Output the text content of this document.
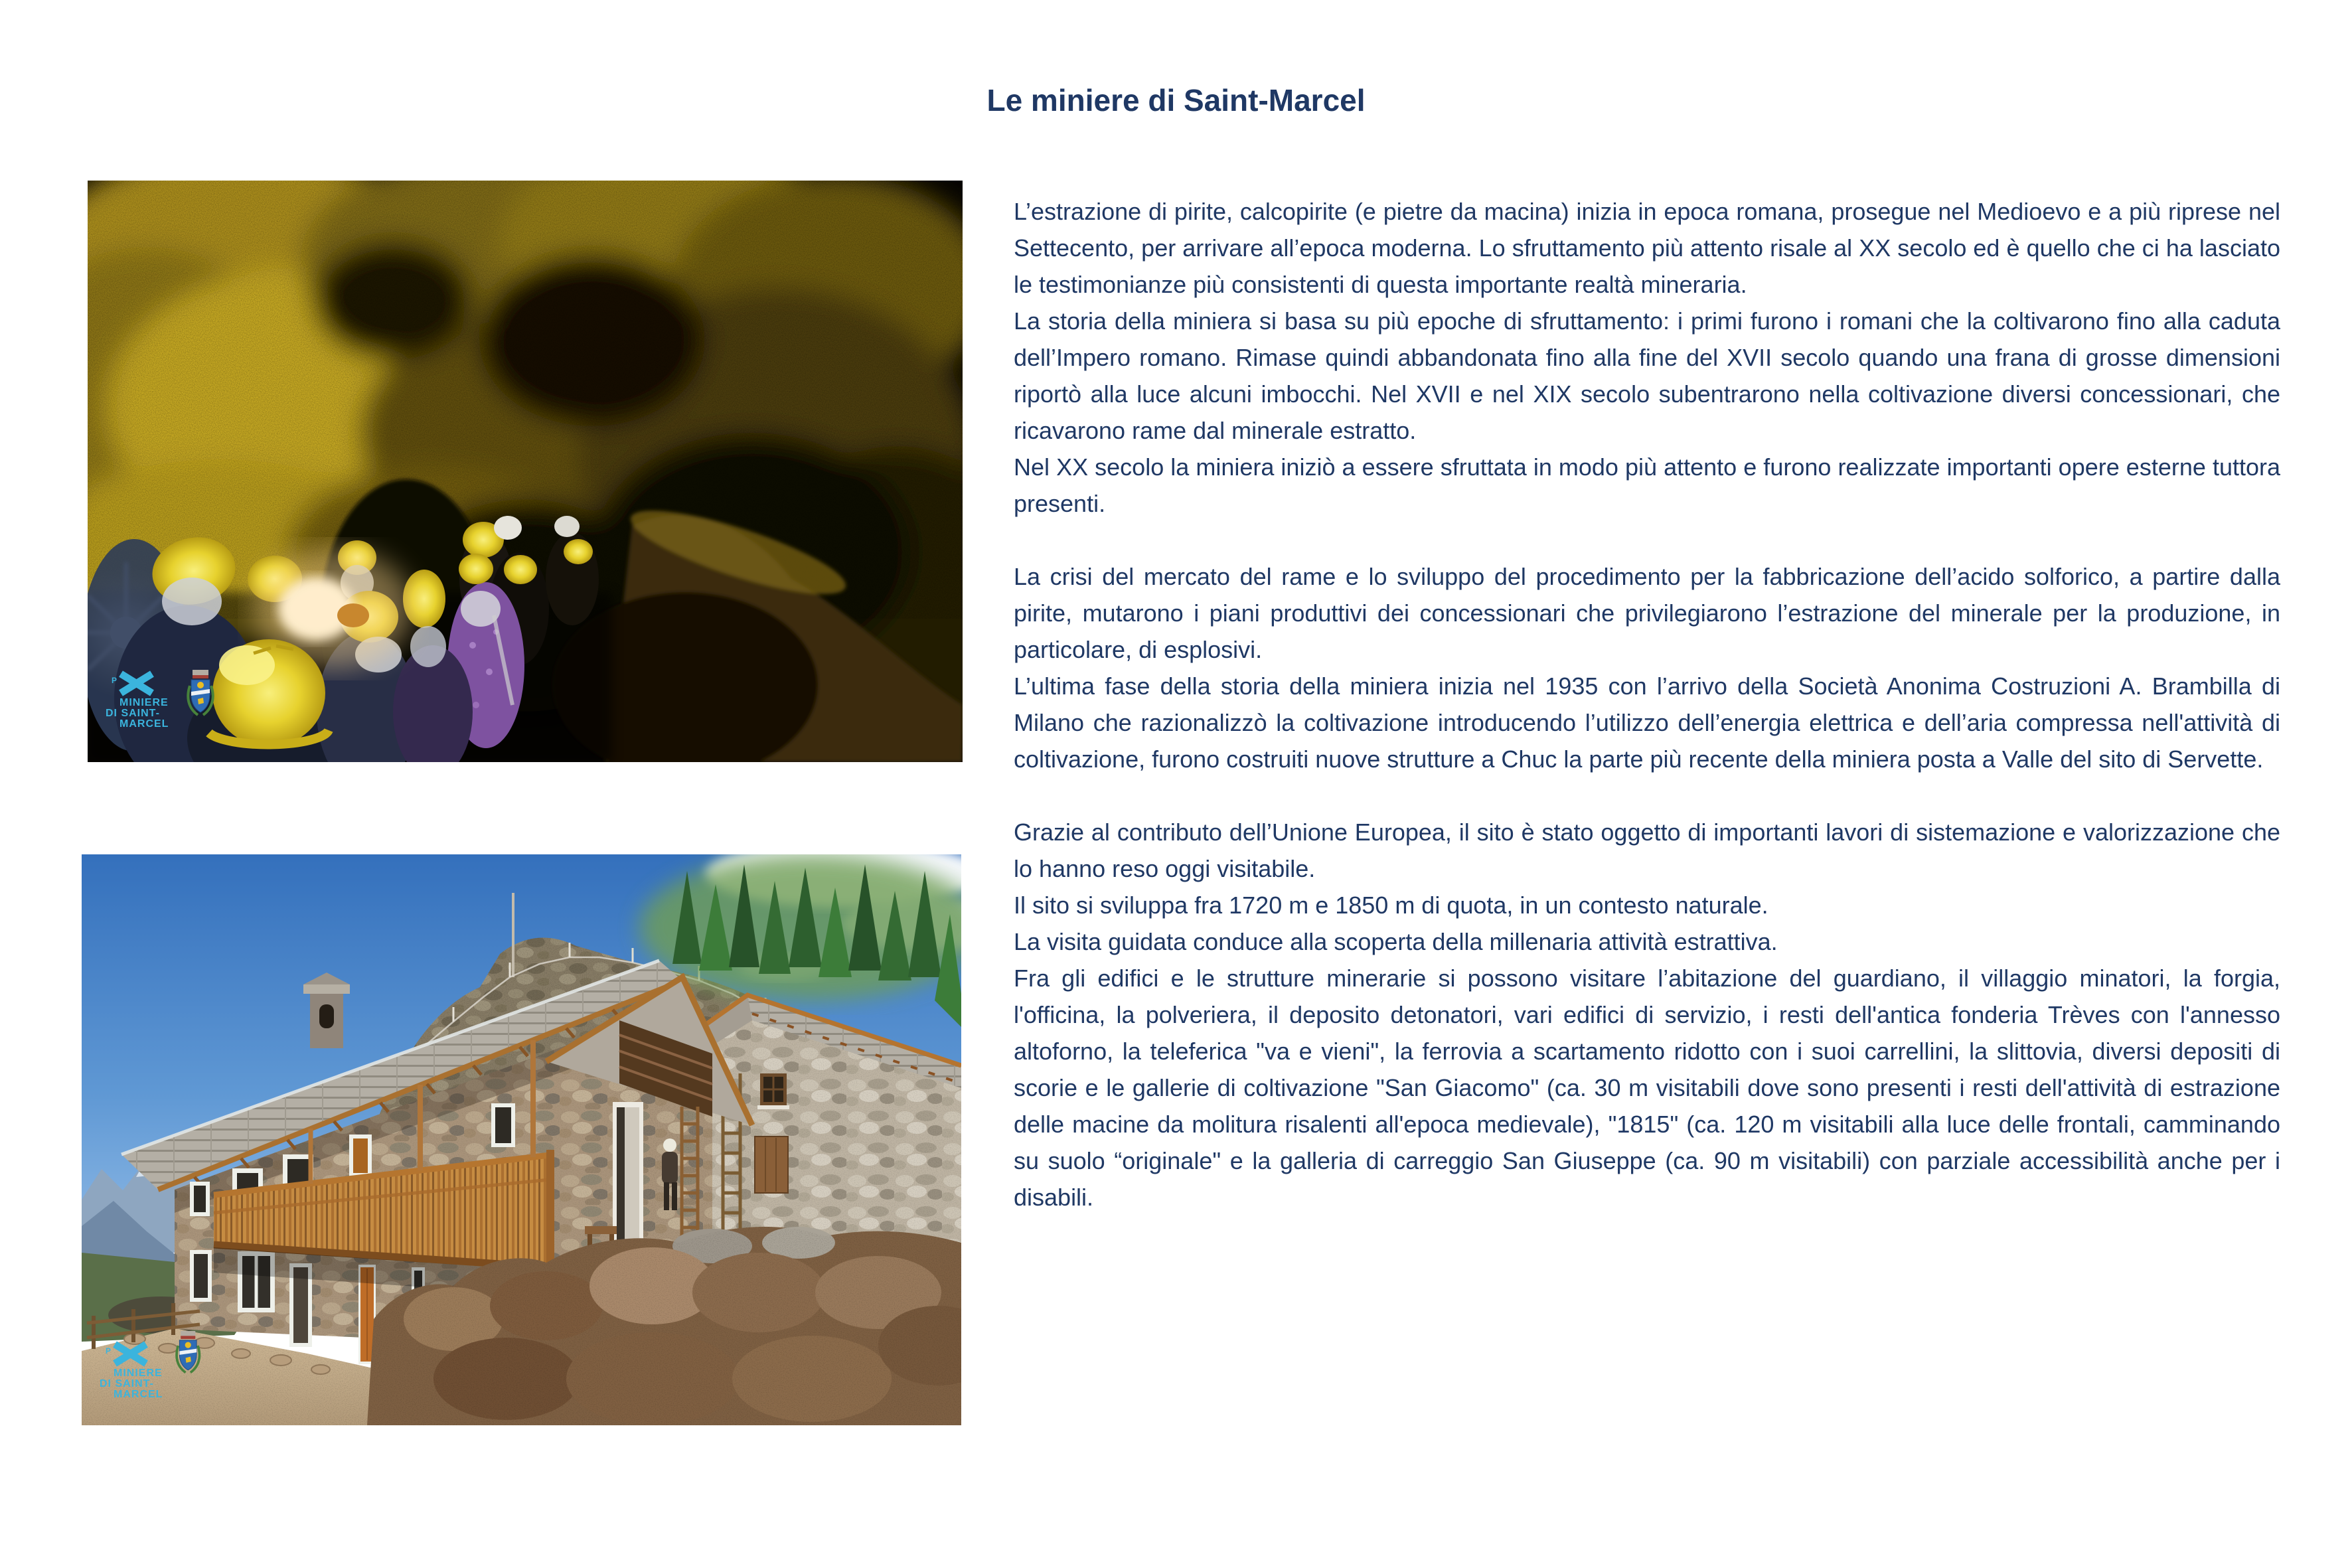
Le miniere di Saint-Marcel
P
MINIERE
DI SAINT-
MARCEL
P
MINIERE
DI SAINT-
MARCEL
L’estrazione di pirite, calcopirite (e pietre da macina) inizia in epoca romana, prosegue nel Medioevo e a più riprese nel Settecento, per arrivare all’epoca moderna. Lo sfruttamento più attento risale al XX secolo ed è quello che ci ha lasciato le testimonianze più consistenti di questa importante realtà mineraria.
La storia della miniera si basa su più epoche di sfruttamento: i primi furono i romani che la coltivarono fino alla caduta dell’Impero romano. Rimase quindi abbandonata fino alla fine del XVII secolo quando una frana di grosse dimensioni riportò alla luce alcuni imbocchi. Nel XVII e nel XIX secolo subentrarono nella coltivazione diversi concessionari, che ricavarono rame dal minerale estratto.
Nel XX secolo la miniera iniziò a essere sfruttata in modo più attento e furono realizzate importanti opere esterne tuttora presenti.
La crisi del mercato del rame e lo sviluppo del procedimento per la fabbricazione dell’acido solforico, a partire dalla pirite, mutarono i piani produttivi dei concessionari che privilegiarono l’estrazione del minerale per la produzione, in particolare, di esplosivi.
L’ultima fase della storia della miniera inizia nel 1935 con l’arrivo della Società Anonima Costruzioni A. Brambilla di Milano che razionalizzò la coltivazione introducendo l’utilizzo dell’energia elettrica e dell’aria compressa nell'attività di coltivazione, furono costruiti nuove strutture a Chuc la parte più recente della miniera posta a Valle del sito di Servette.
Grazie al contributo dell’Unione Europea, il sito è stato oggetto di importanti lavori di sistemazione e valorizzazione che lo hanno reso oggi visitabile.
Il sito si sviluppa fra 1720 m e 1850 m di quota, in un contesto naturale.
La visita guidata conduce alla scoperta della millenaria attività estrattiva.
Fra gli edifici e le strutture minerarie si possono visitare l’abitazione del guardiano, il villaggio minatori, la forgia, l'officina, la polveriera, il deposito detonatori, vari edifici di servizio, i resti dell'antica fonderia Trèves con l'annesso altoforno, la teleferica "va e vieni", la ferrovia a scartamento ridotto con i suoi carrellini, la slittovia, diversi depositi di scorie e le gallerie di coltivazione "San Giacomo" (ca. 30 m visitabili dove sono presenti i resti dell'attività di estrazione delle macine da molitura risalenti all'epoca medievale), "1815" (ca. 120 m visitabili alla luce delle frontali, camminando su suolo “originale" e la galleria di carreggio San Giuseppe (ca. 90 m visitabili) con parziale accessibilità anche per i disabili.
